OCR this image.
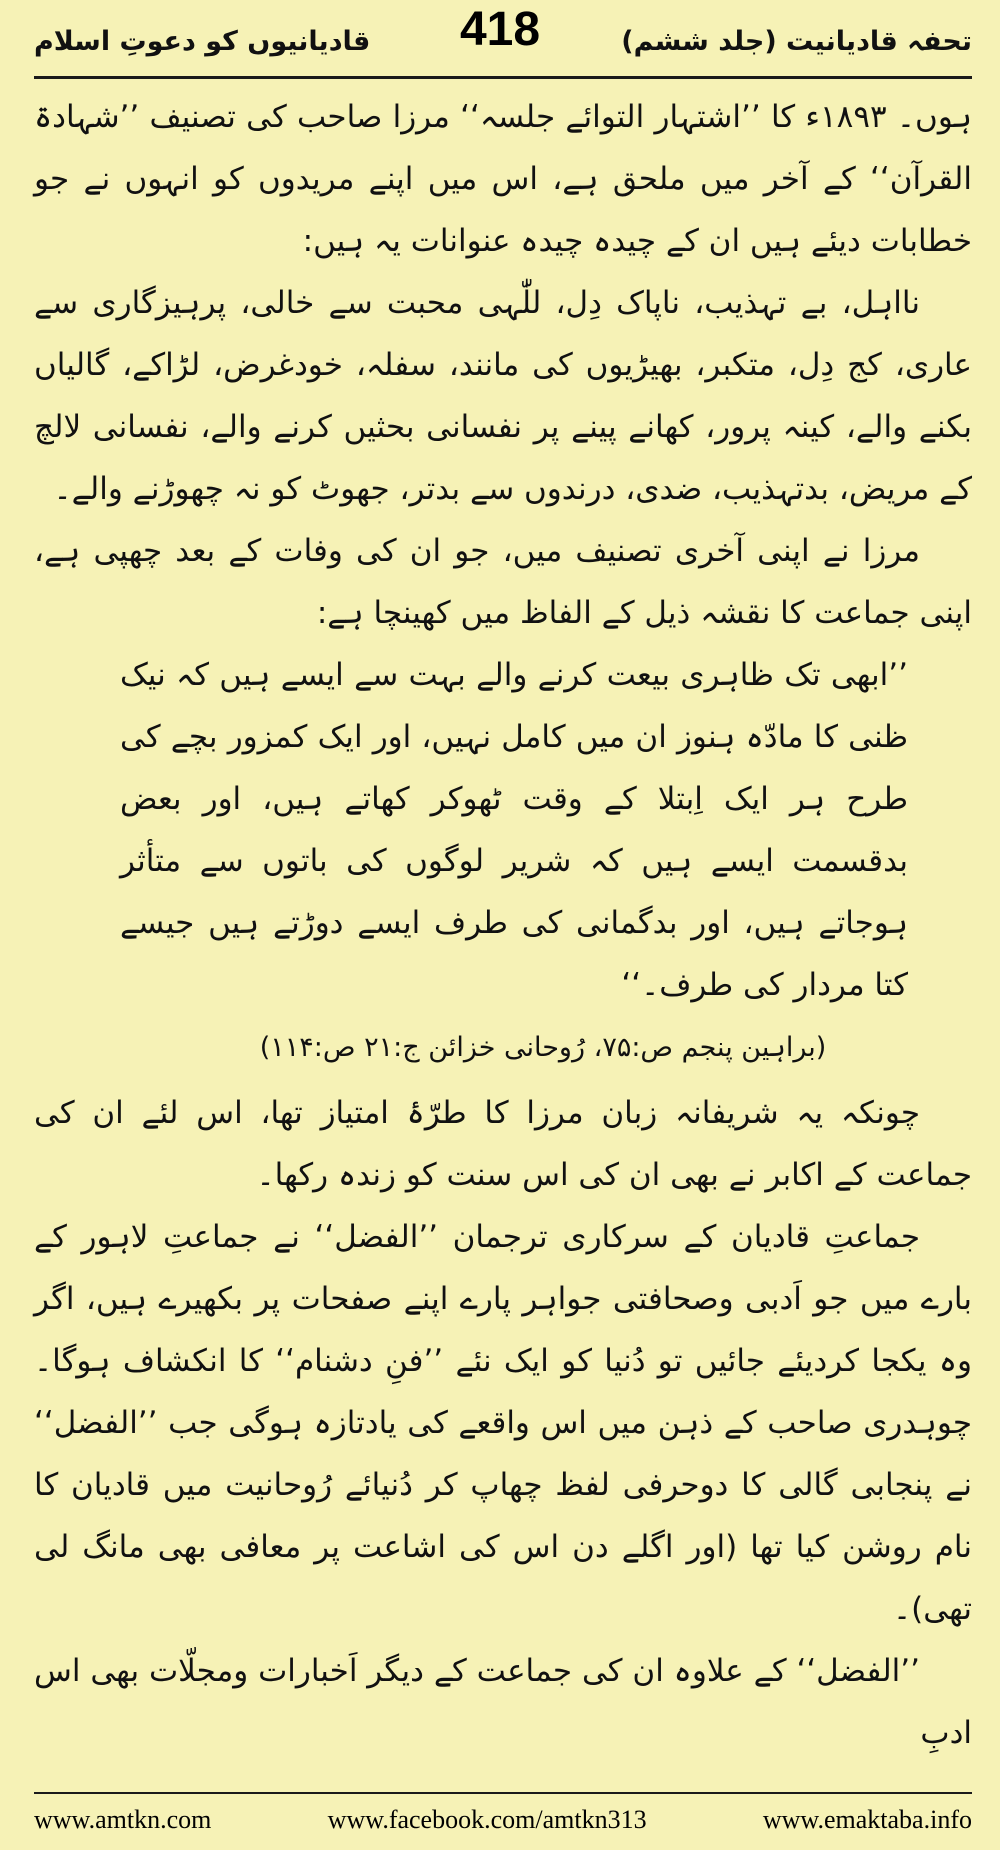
تحفہ قادیانیت (جلد ششم)
قادیانیوں کو دعوتِ اسلام 418

ہوں۔ ۱۸۹۳ء کا ’’اشتہار التوائے جلسہ‘‘ مرزا صاحب کی تصنیف ’’شہادۃ القرآن‘‘ کے آخر میں ملحق ہے، اس میں اپنے مریدوں کو انہوں نے جو خطابات دیئے ہیں ان کے چیدہ چیدہ عنوانات یہ ہیں:

نااہل، بے تہذیب، ناپاک دِل، للّٰہی محبت سے خالی، پرہیزگاری سے عاری، کج دِل، متکبر، بھیڑیوں کی مانند، سفلہ، خودغرض، لڑاکے، گالیاں بکنے والے، کینہ پرور، کھانے پینے پر نفسانی بحثیں کرنے والے، نفسانی لالچ کے مریض، بدتہذیب، ضدی، درندوں سے بدتر، جھوٹ کو نہ چھوڑنے والے۔

مرزا نے اپنی آخری تصنیف میں، جو ان کی وفات کے بعد چھپی ہے، اپنی جماعت کا نقشہ ذیل کے الفاظ میں کھینچا ہے:

’’ابھی تک ظاہری بیعت کرنے والے بہت سے ایسے ہیں کہ نیک ظنی کا مادّہ ہنوز ان میں کامل نہیں، اور ایک کمزور بچے کی طرح ہر ایک اِبتلا کے وقت ٹھوکر کھاتے ہیں، اور بعض بدقسمت ایسے ہیں کہ شریر لوگوں کی باتوں سے متأثر ہوجاتے ہیں، اور بدگمانی کی طرف ایسے دوڑتے ہیں جیسے کتا مردار کی طرف۔‘‘

(براہین پنجم ص:۷۵، رُوحانی خزائن ج:۲۱ ص:۱۱۴)

چونکہ یہ شریفانہ زبان مرزا کا طرّۂ امتیاز تھا، اس لئے ان کی جماعت کے اکابر نے بھی ان کی اس سنت کو زندہ رکھا۔

جماعتِ قادیان کے سرکاری ترجمان ’’الفضل‘‘ نے جماعتِ لاہور کے بارے میں جو اَدبی وصحافتی جواہر پارے اپنے صفحات پر بکھیرے ہیں، اگر وہ یکجا کردیئے جائیں تو دُنیا کو ایک نئے ’’فنِ دشنام‘‘ کا انکشاف ہوگا۔ چوہدری صاحب کے ذہن میں اس واقعے کی یادتازہ ہوگی جب ’’الفضل‘‘ نے پنجابی گالی کا دوحرفی لفظ چھاپ کر دُنیائے رُوحانیت میں قادیان کا نام روشن کیا تھا (اور اگلے دن اس کی اشاعت پر معافی بھی مانگ لی تھی)۔

’’الفضل‘‘ کے علاوہ ان کی جماعت کے دیگر اَخبارات ومجلّات بھی اس ادبِ

www.amtkn.com	www.facebook.com/amtkn313	www.emaktaba.info
